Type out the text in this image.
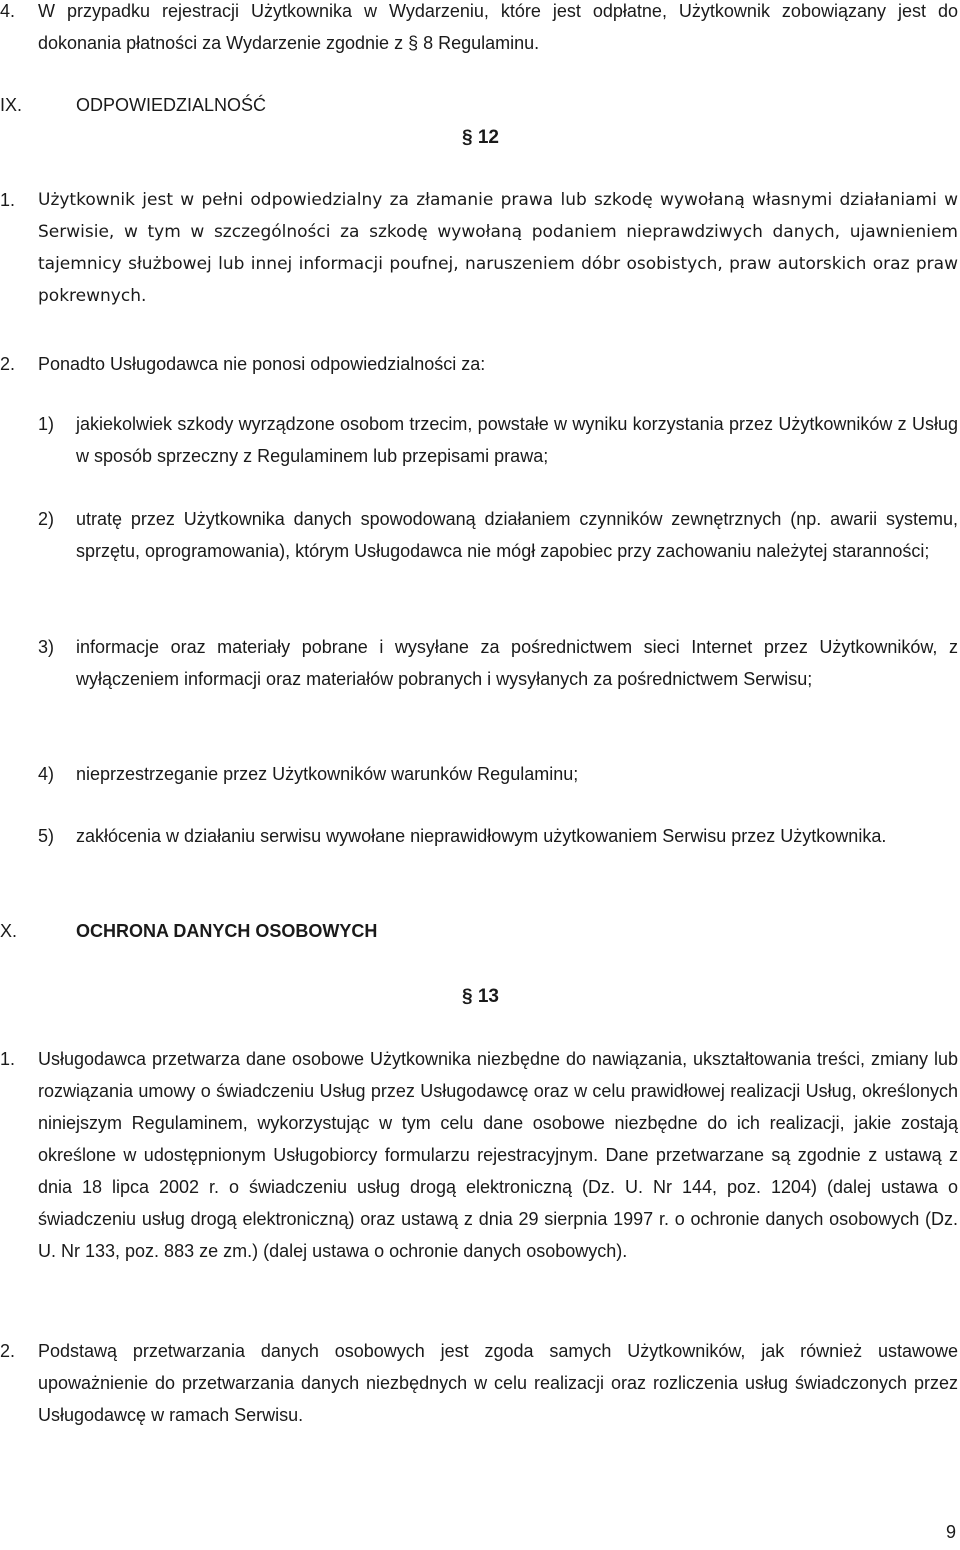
4. W przypadku rejestracji Użytkownika w Wydarzeniu, które jest odpłatne, Użytkownik zobowiązany jest do dokonania płatności za Wydarzenie zgodnie z § 8 Regulaminu.

IX.	ODPOWIEDZIALNOŚĆ
§ 12
1. Użytkownik jest w pełni odpowiedzialny za złamanie prawa lub szkodę wywołaną własnymi działaniami w Serwisie, w tym w szczególności za szkodę wywołaną podaniem nieprawdziwych danych, ujawnieniem tajemnicy służbowej lub innej informacji poufnej, naruszeniem dóbr osobistych, praw autorskich oraz praw pokrewnych.

2. Ponadto Usługodawca nie ponosi odpowiedzialności za:

1) jakiekolwiek szkody wyrządzone osobom trzecim, powstałe w wyniku korzystania przez Użytkowników z Usług w sposób sprzeczny z Regulaminem lub przepisami prawa;

2) utratę przez Użytkownika danych spowodowaną działaniem czynników zewnętrznych (np. awarii systemu, sprzętu, oprogramowania), którym Usługodawca nie mógł zapobiec przy zachowaniu należytej staranności;

3) informacje oraz materiały pobrane i wysyłane za pośrednictwem sieci Internet przez Użytkowników, z wyłączeniem informacji oraz materiałów pobranych i wysyłanych za pośrednictwem Serwisu;

4) nieprzestrzeganie przez Użytkowników warunków Regulaminu;

5) zakłócenia w działaniu serwisu wywołane nieprawidłowym użytkowaniem Serwisu przez Użytkownika.

X.	OCHRONA DANYCH OSOBOWYCH
§ 13
1. Usługodawca przetwarza dane osobowe Użytkownika niezbędne do nawiązania, ukształtowania treści, zmiany lub rozwiązania umowy o świadczeniu Usług przez Usługodawcę oraz w celu prawidłowej realizacji Usług, określonych niniejszym Regulaminem, wykorzystując w tym celu dane osobowe niezbędne do ich realizacji, jakie zostają określone w udostępnionym Usługobiorcy formularzu rejestracyjnym. Dane przetwarzane są zgodnie z ustawą z dnia 18 lipca 2002 r. o świadczeniu usług drogą elektroniczną (Dz. U. Nr 144, poz. 1204) (dalej ustawa o świadczeniu usług drogą elektroniczną) oraz ustawą z dnia 29 sierpnia 1997 r. o ochronie danych osobowych (Dz. U. Nr 133, poz. 883 ze zm.) (dalej ustawa o ochronie danych osobowych).

2. Podstawą przetwarzania danych osobowych jest zgoda samych Użytkowników, jak również ustawowe upoważnienie do przetwarzania danych niezbędnych w celu realizacji oraz rozliczenia usług świadczonych przez Usługodawcę w ramach Serwisu.

9
